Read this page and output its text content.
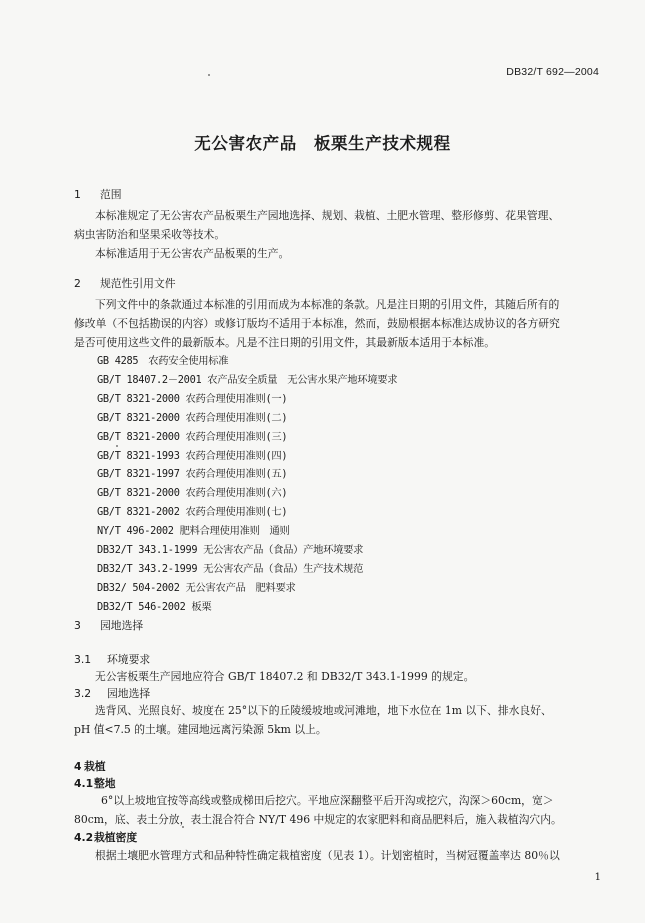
DB32/T 692—2004
无公害农产品　板栗生产技术规程
1 范围
本标准规定了无公害农产品板栗生产园地选择、规划、栽植、土肥水管理、整形修剪、花果管理、
病虫害防治和坚果采收等技术。
本标准适用于无公害农产品板栗的生产。
2 规范性引用文件
下列文件中的条款通过本标准的引用而成为本标准的条款。凡是注日期的引用文件，其随后所有的
修改单（不包括勘误的内容）或修订版均不适用于本标准，然而，鼓励根据本标准达成协议的各方研究
是否可使用这些文件的最新版本。凡是不注日期的引用文件，其最新版本适用于本标准。
GB 4285　农药安全使用标准
GB/T 18407.2－2001 农产品安全质量　无公害水果产地环境要求
GB/T 8321-2000 农药合理使用准则(一)
GB/T 8321-2000 农药合理使用准则(二)
GB/T 8321-2000 农药合理使用准则(三)
GB/T 8321-1993 农药合理使用准则(四)
GB/T 8321-1997 农药合理使用准则(五)
GB/T 8321-2000 农药合理使用准则(六)
GB/T 8321-2002 农药合理使用准则(七)
NY/T 496-2002 肥料合理使用准则　通则
DB32/T 343.1-1999 无公害农产品（食品）产地环境要求
DB32/T 343.2-1999 无公害农产品（食品）生产技术规范
DB32/ 504-2002 无公害农产品　肥料要求
DB32/T 546-2002 板栗
3 园地选择
3.1 环境要求
无公害板栗生产园地应符合 GB/T 18407.2 和 DB32/T 343.1-1999 的规定。
3.2 园地选择
选背风、光照良好、坡度在 25°以下的丘陵缓坡地或河滩地，地下水位在 1m 以下、排水良好、
pH 值<7.5 的土壤。建园地远离污染源 5km 以上。
4 栽植
4.1整地
6°以上坡地宜按等高线或整成梯田后挖穴。平地应深翻整平后开沟或挖穴，沟深＞60cm，宽＞
80cm，底、表土分放，表土混合符合 NY/T 496 中规定的农家肥料和商品肥料后，施入栽植沟穴内。
4.2栽植密度
根据土壤肥水管理方式和品种特性确定栽植密度（见表 1）。计划密植时，当树冠覆盖率达 80％以
1
